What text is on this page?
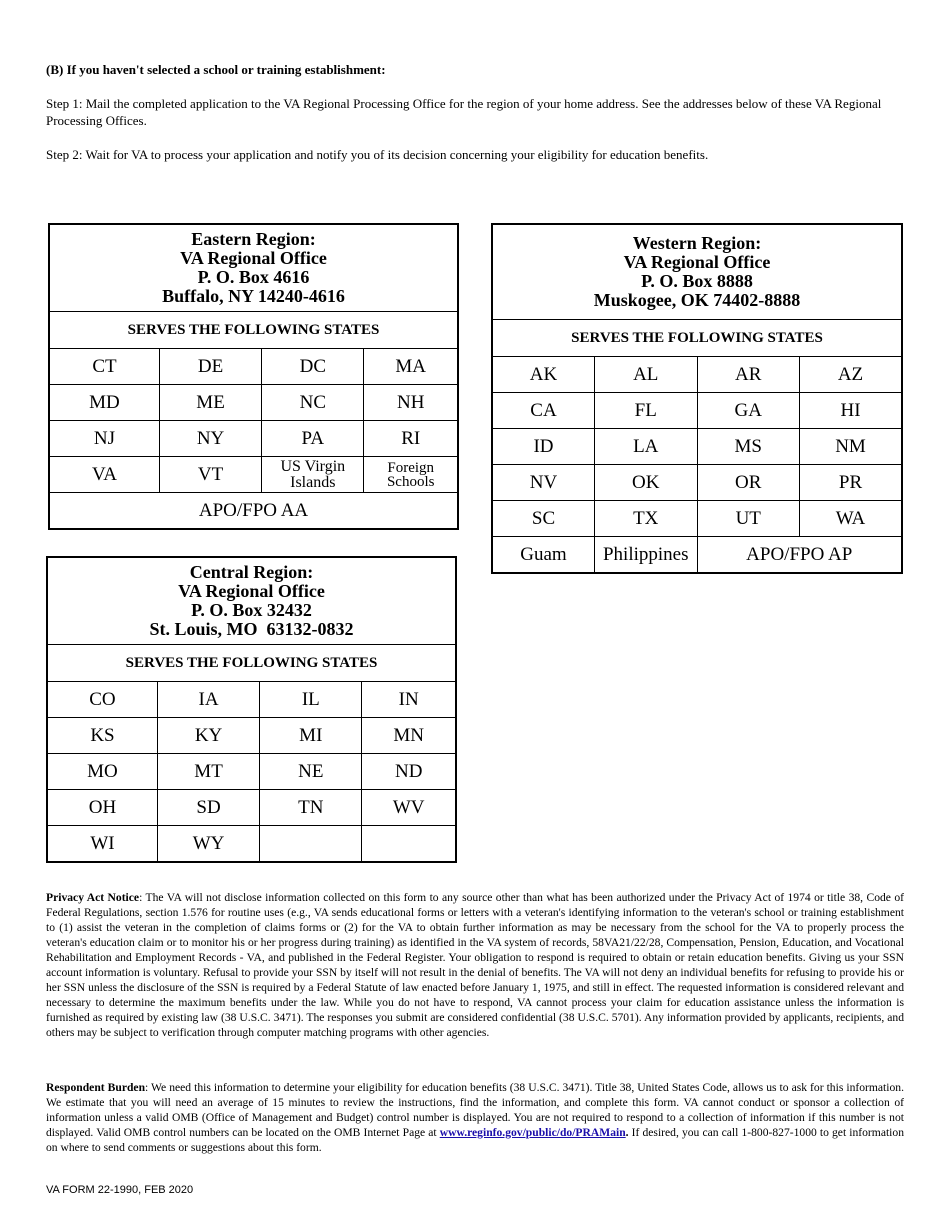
(B) If you haven't selected a school or training establishment:
Step 1: Mail the completed application to the VA Regional Processing Office for the region of your home address. See the addresses below of these VA Regional Processing Offices.
Step 2: Wait for VA to process your application and notify you of its decision concerning your eligibility for education benefits.
Eastern Region:
VA Regional Office
P. O. Box 4616
Buffalo, NY 14240-4616			

SERVES THE FOLLOWING STATES			
CT	DE	DC	MA
MD	ME	NC	NH
NJ	NY	PA	RI
VA	VT	US Virgin Islands	Foreign Schools
APO/FPO AA			
Western Region:
VA Regional Office
P. O. Box 8888
Muskogee, OK 74402-8888			

SERVES THE FOLLOWING STATES			
AK	AL	AR	AZ
CA	FL	GA	HI
ID	LA	MS	NM
NV	OK	OR	PR
SC	TX	UT	WA
Guam	Philippines	APO/FPO AP	
Central Region:
VA Regional Office
P. O. Box 32432
St. Louis, MO  63132-0832			

SERVES THE FOLLOWING STATES			
CO	IA	IL	IN
KS	KY	MI	MN
MO	MT	NE	ND
OH	SD	TN	WV
WI	WY		
Privacy Act Notice: The VA will not disclose information collected on this form to any source other than what has been authorized under the Privacy Act of 1974 or title 38, Code of Federal Regulations, section 1.576 for routine uses (e.g., VA sends educational forms or letters with a veteran's identifying information to the veteran's school or training establishment to (1) assist the veteran in the completion of claims forms or (2) for the VA to obtain further information as may be necessary from the school for the VA to properly process the veteran's education claim or to monitor his or her progress during training) as identified in the VA system of records, 58VA21/22/28, Compensation, Pension, Education, and Vocational Rehabilitation and Employment Records - VA, and published in the Federal Register. Your obligation to respond is required to obtain or retain education benefits. Giving us your SSN account information is voluntary. Refusal to provide your SSN by itself will not result in the denial of benefits. The VA will not deny an individual benefits for refusing to provide his or her SSN unless the disclosure of the SSN is required by a Federal Statute of law enacted before January 1, 1975, and still in effect. The requested information is considered relevant and necessary to determine the maximum benefits under the law. While you do not have to respond, VA cannot process your claim for education assistance unless the information is furnished as required by existing law (38 U.S.C. 3471). The responses you submit are considered confidential (38 U.S.C. 5701). Any information provided by applicants, recipients, and others may be subject to verification through computer matching programs with other agencies.
Respondent Burden: We need this information to determine your eligibility for education benefits (38 U.S.C. 3471). Title 38, United States Code, allows us to ask for this information. We estimate that you will need an average of 15 minutes to review the instructions, find the information, and complete this form. VA cannot conduct or sponsor a collection of information unless a valid OMB (Office of Management and Budget) control number is displayed. You are not required to respond to a collection of information if this number is not displayed. Valid OMB control numbers can be located on the OMB Internet Page at www.reginfo.gov/public/do/PRAMain. If desired, you can call 1-800-827-1000 to get information on where to send comments or suggestions about this form.
VA FORM 22-1990, FEB 2020
